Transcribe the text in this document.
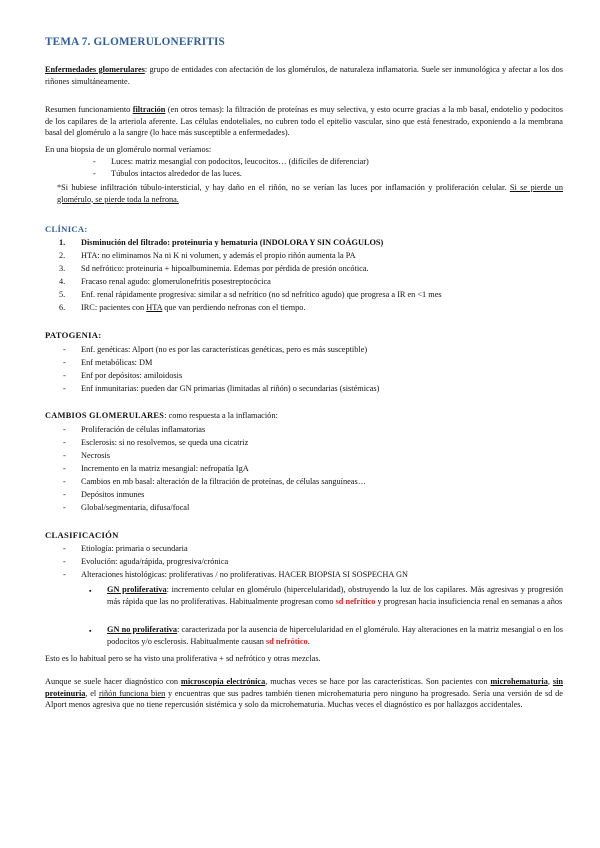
TEMA 7. GLOMERULONEFRITIS
Enfermedades glomerulares: grupo de entidades con afectación de los glomérulos, de naturaleza inflamatoria. Suele ser inmunológica y afectar a los dos riñones simultáneamente.
Resumen funcionamiento filtración (en otros temas): la filtración de proteínas es muy selectiva, y esto ocurre gracias a la mb basal, endotelio y podocitos de los capilares de la arteriola aferente. Las células endoteliales, no cubren todo el epitelio vascular, sino que está fenestrado, exponiendo a la membrana basal del glomérulo a la sangre (lo hace más susceptible a enfermedades).
En una biopsia de un glomérulo normal veríamos:
- Luces: matriz mesangial con podocitos, leucocitos… (difíciles de diferenciar)
- Túbulos intactos alrededor de las luces.
*Si hubiese infiltración túbulo-intersticial, y hay daño en el riñón, no se verían las luces por inflamación y proliferación celular. Si se pierde un glomérulo, se pierde toda la nefrona.
CLÍNICA:
1. Disminución del filtrado: proteinuria y hematuria (INDOLORA Y SIN COÁGULOS)
2. HTA: no eliminamos Na ni K ni volumen, y además el propio riñón aumenta la PA
3. Sd nefrótico: proteinuria + hipoalbuminemia. Edemas por pérdida de presión oncótica.
4. Fracaso renal agudo: glomerulonefritis posestreptocócica
5. Enf. renal rápidamente progresiva: similar a sd nefrítico (no sd nefrítico agudo) que progresa a IR en <1 mes
6. IRC: pacientes con HTA que van perdiendo nefronas con el tiempo.
PATOGENIA:
- Enf. genéticas: Alport (no es por las características genéticas, pero es más susceptible)
- Enf metabólicas: DM
- Enf por depósitos: amiloidosis
- Enf inmunitarias: pueden dar GN primarias (limitadas al riñón) o secundarias (sistémicas)
CAMBIOS GLOMERULARES: como respuesta a la inflamación:
- Proliferación de células inflamatorias
- Esclerosis: si no resolvemos, se queda una cicatriz
- Necrosis
- Incremento en la matriz mesangial: nefropatía IgA
- Cambios en mb basal: alteración de la filtración de proteínas, de células sanguíneas…
- Depósitos inmunes
- Global/segmentaria, difusa/focal
CLASIFICACIÓN
- Etiología: primaria o secundaria
- Evolución: aguda/rápida, progresiva/crónica
- Alteraciones histológicas: proliferativas / no proliferativas. HACER BIOPSIA SI SOSPECHA GN
▪ GN proliferativa: incremento celular en glomérulo (hipercelularidad), obstruyendo la luz de los capilares. Más agresivas y progresión más rápida que las no proliferativas. Habitualmente progresan como sd nefrítico y progresan hacia insuficiencia renal en semanas a años
▪ GN no proliferativa: caracterizada por la ausencia de hipercelularidad en el glomérulo. Hay alteraciones en la matriz mesangial o en los podocitos y/o esclerosis. Habitualmente causan sd nefrótico.
Esto es lo habitual pero se ha visto una proliferativa + sd nefrótico y otras mezclas.
Aunque se suele hacer diagnóstico con microscopía electrónica, muchas veces se hace por las características. Son pacientes con microhematuria, sin proteinuria, el riñón funciona bien y encuentras que sus padres también tienen microhematuria pero ninguno ha progresado. Sería una versión de sd de Alport menos agresiva que no tiene repercusión sistémica y solo da microhematuria. Muchas veces el diagnóstico es por hallazgos accidentales.
